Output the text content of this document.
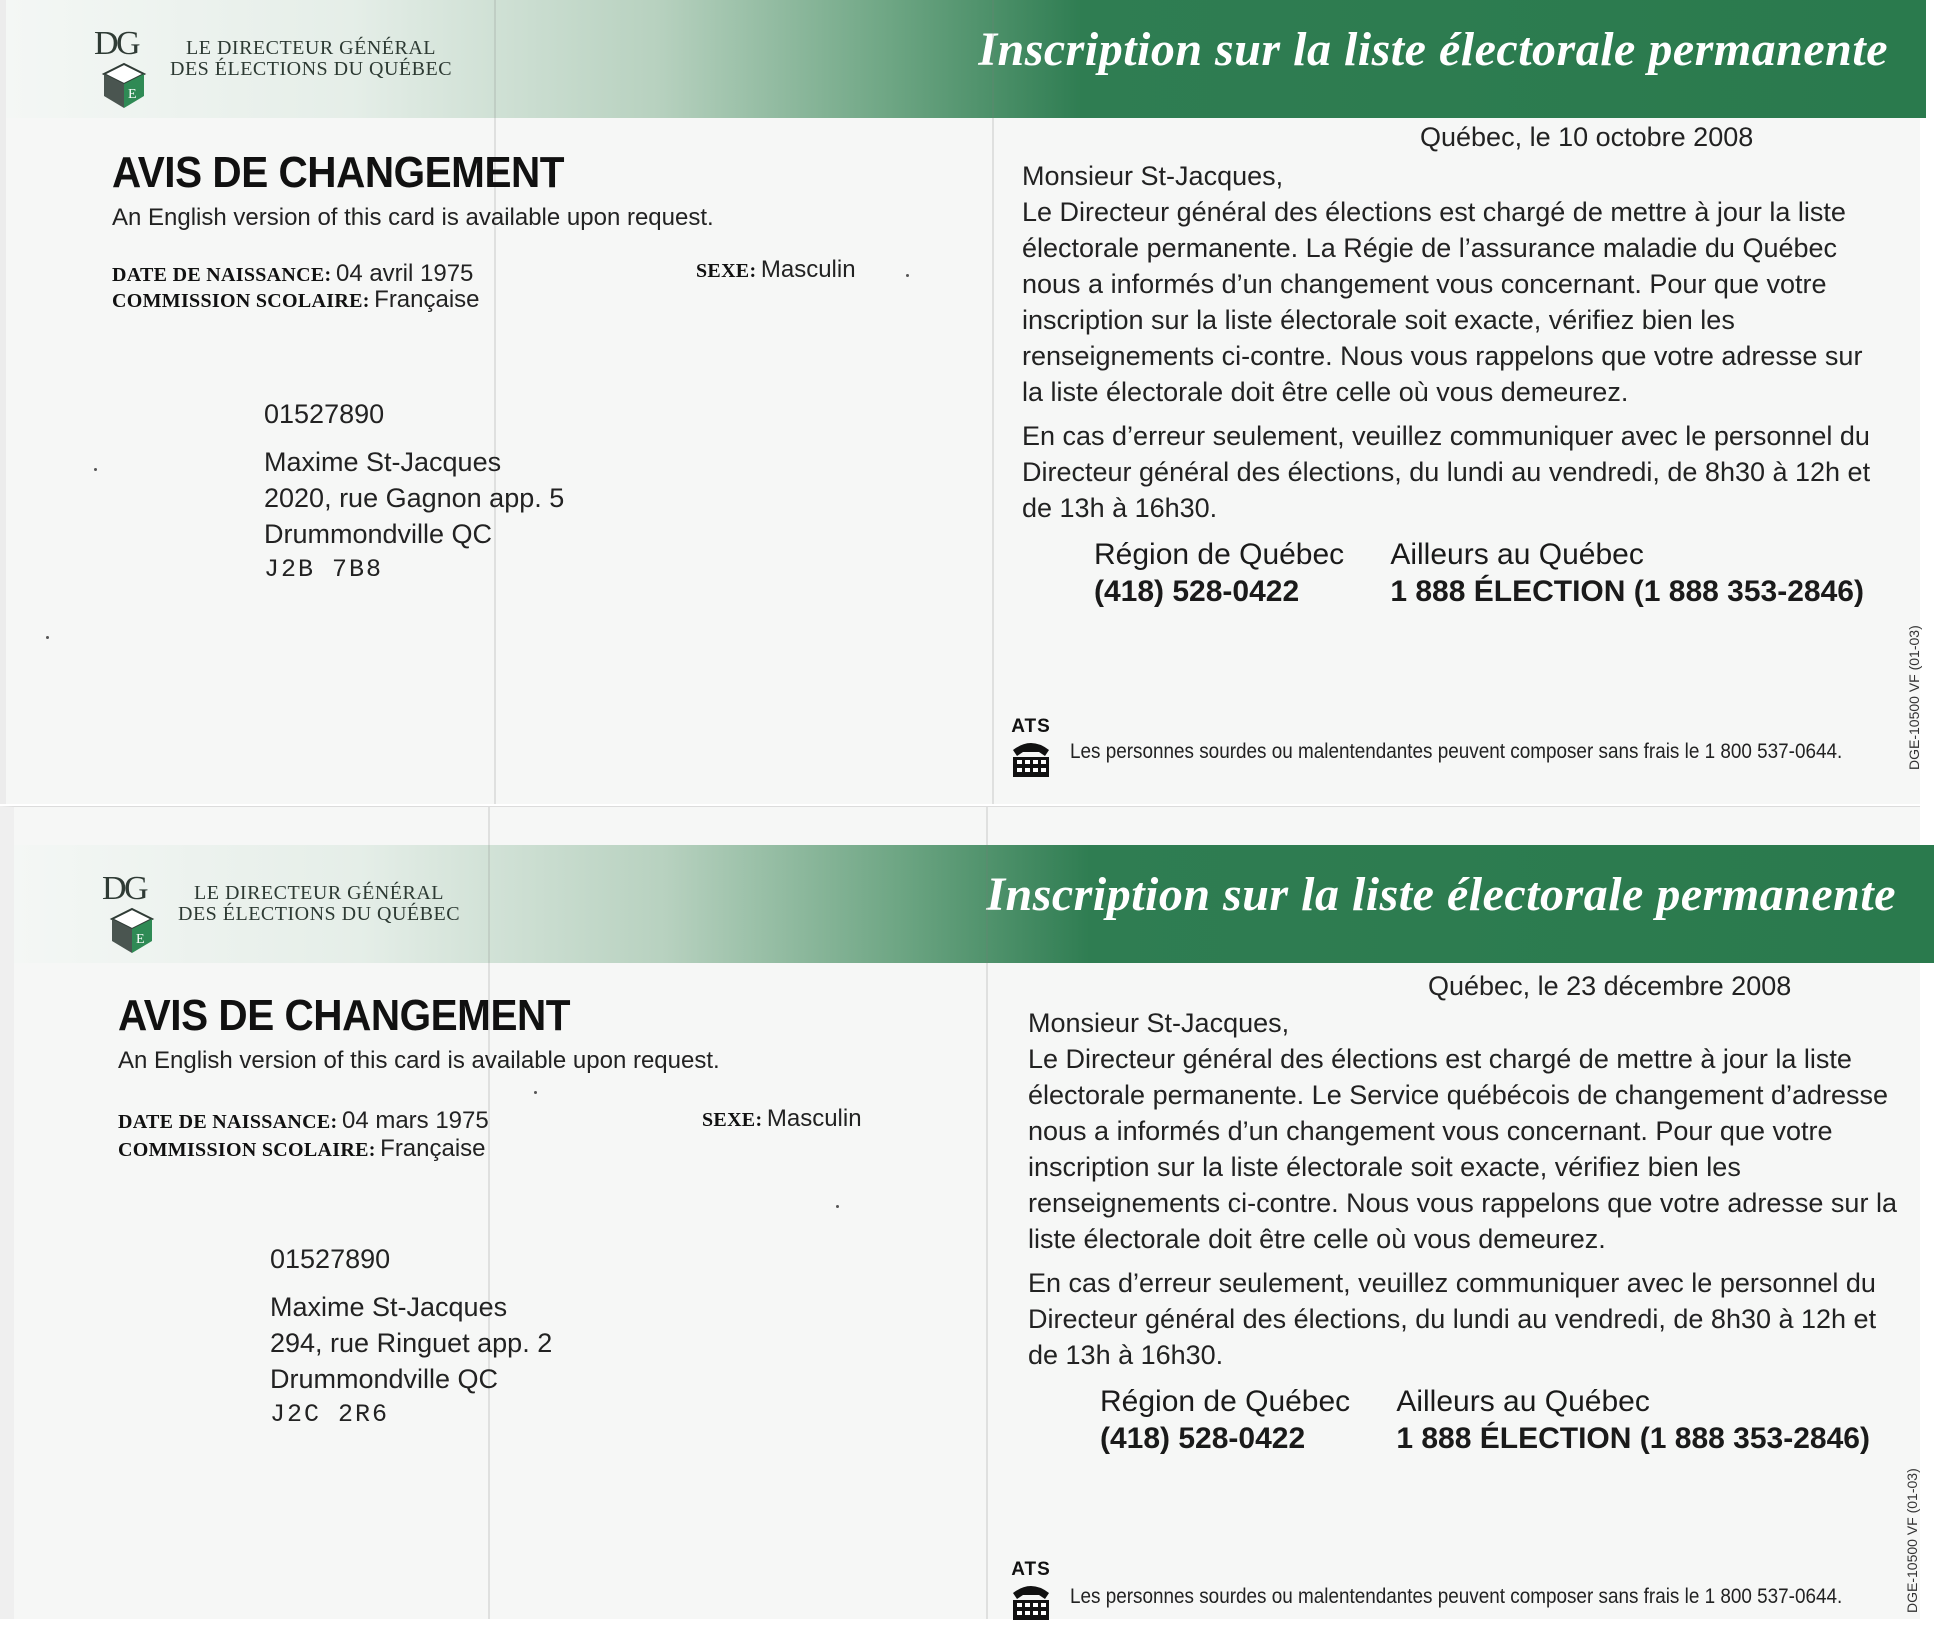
D
G
E
LE DIRECTEUR GÉNÉRAL
DES ÉLECTIONS DU QUÉBEC	Inscription sur la liste électorale permanente
AVIS DE CHANGEMENT
An English version of this card is available upon request.
DATE DE NAISSANCE: 04 avril 1975	SEXE: Masculin
COMMISSION SCOLAIRE: Française
01527890
Maxime St-Jacques
2020, rue Gagnon app. 5
Drummondville QC
J2B 7B8
Québec, le 10 octobre 2008

Monsieur St-Jacques,

Le Directeur général des élections est chargé de mettre à jour la liste électorale permanente. La Régie de l’assurance maladie du Québec nous a informés d’un changement vous concernant. Pour que votre inscription sur la liste électorale soit exacte, vérifiez bien les renseignements ci-contre. Nous vous rappelons que votre adresse sur la liste électorale doit être celle où vous demeurez.

En cas d’erreur seulement, veuillez communiquer avec le personnel du Directeur général des élections, du lundi au vendredi, de 8h30 à 12h et de 13h à 16h30.

Région de Québec
(418) 528-0422
Ailleurs au Québec
1 888 ÉLECTION (1 888 353-2846)
ATS
Les personnes sourdes ou malentendantes peuvent composer sans frais le 1 800 537-0644.	DGE-10500 VF (01-03)
D
G
E
LE DIRECTEUR GÉNÉRAL
DES ÉLECTIONS DU QUÉBEC	Inscription sur la liste électorale permanente
AVIS DE CHANGEMENT
An English version of this card is available upon request.
DATE DE NAISSANCE: 04 mars 1975	SEXE: Masculin
COMMISSION SCOLAIRE: Française
01527890
Maxime St-Jacques
294, rue Ringuet app. 2
Drummondville QC
J2C 2R6
Québec, le 23 décembre 2008

Monsieur St-Jacques,

Le Directeur général des élections est chargé de mettre à jour la liste électorale permanente. Le Service québécois de changement d’adresse nous a informés d’un changement vous concernant. Pour que votre inscription sur la liste électorale soit exacte, vérifiez bien les renseignements ci-contre. Nous vous rappelons que votre adresse sur la liste électorale doit être celle où vous demeurez.

En cas d’erreur seulement, veuillez communiquer avec le personnel du Directeur général des élections, du lundi au vendredi, de 8h30 à 12h et de 13h à 16h30.

Région de Québec
(418) 528-0422
Ailleurs au Québec
1 888 ÉLECTION (1 888 353-2846)
ATS
Les personnes sourdes ou malentendantes peuvent composer sans frais le 1 800 537-0644.	DGE-10500 VF (01-03)
